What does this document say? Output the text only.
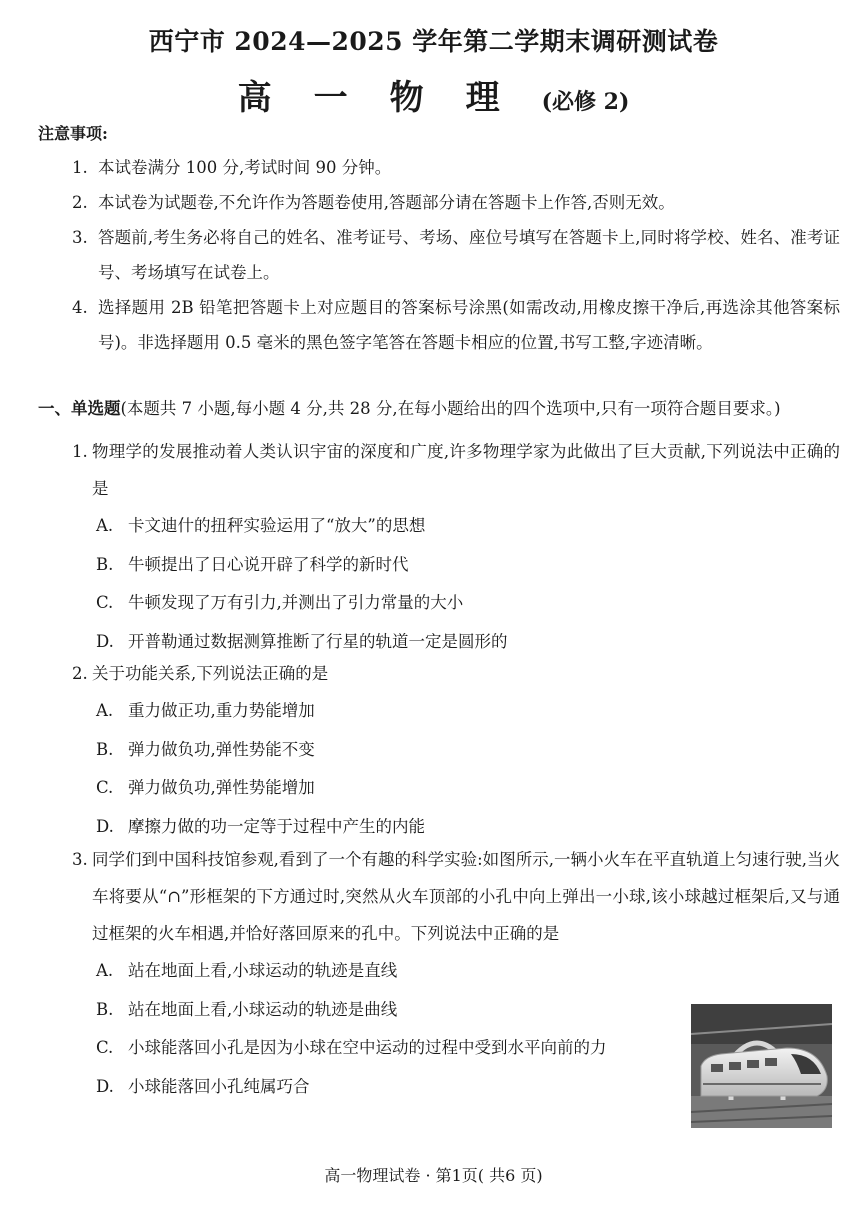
西宁市 2024—2025 学年第二学期末调研测试卷
高一物理(必修 2)
注意事项:
1. 本试卷满分 100 分,考试时间 90 分钟。
2. 本试卷为试题卷,不允许作为答题卷使用,答题部分请在答题卡上作答,否则无效。
3. 答题前,考生务必将自己的姓名、准考证号、考场、座位号填写在答题卡上,同时将学校、姓名、准考证号、考场填写在试卷上。
4. 选择题用 2B 铅笔把答题卡上对应题目的答案标号涂黑(如需改动,用橡皮擦干净后,再选涂其他答案标号)。非选择题用 0.5 毫米的黑色签字笔答在答题卡相应的位置,书写工整,字迹清晰。
一、单选题(本题共 7 小题,每小题 4 分,共 28 分,在每小题给出的四个选项中,只有一项符合题目要求。)
1. 物理学的发展推动着人类认识宇宙的深度和广度,许多物理学家为此做出了巨大贡献,下列说法中正确的是
A. 卡文迪什的扭秤实验运用了“放大”的思想
B. 牛顿提出了日心说开辟了科学的新时代
C. 牛顿发现了万有引力,并测出了引力常量的大小
D. 开普勒通过数据测算推断了行星的轨道一定是圆形的
2. 关于功能关系,下列说法正确的是
A. 重力做正功,重力势能增加
B. 弹力做负功,弹性势能不变
C. 弹力做负功,弹性势能增加
D. 摩擦力做的功一定等于过程中产生的内能
3. 同学们到中国科技馆参观,看到了一个有趣的科学实验:如图所示,一辆小火车在平直轨道上匀速行驶,当火车将要从“∩”形框架的下方通过时,突然从火车顶部的小孔中向上弹出一小球,该小球越过框架后,又与通过框架的火车相遇,并恰好落回原来的孔中。下列说法中正确的是
A. 站在地面上看,小球运动的轨迹是直线
B. 站在地面上看,小球运动的轨迹是曲线
C. 小球能落回小孔是因为小球在空中运动的过程中受到水平向前的力
D. 小球能落回小孔纯属巧合
高一物理试卷 · 第1页( 共6 页)
